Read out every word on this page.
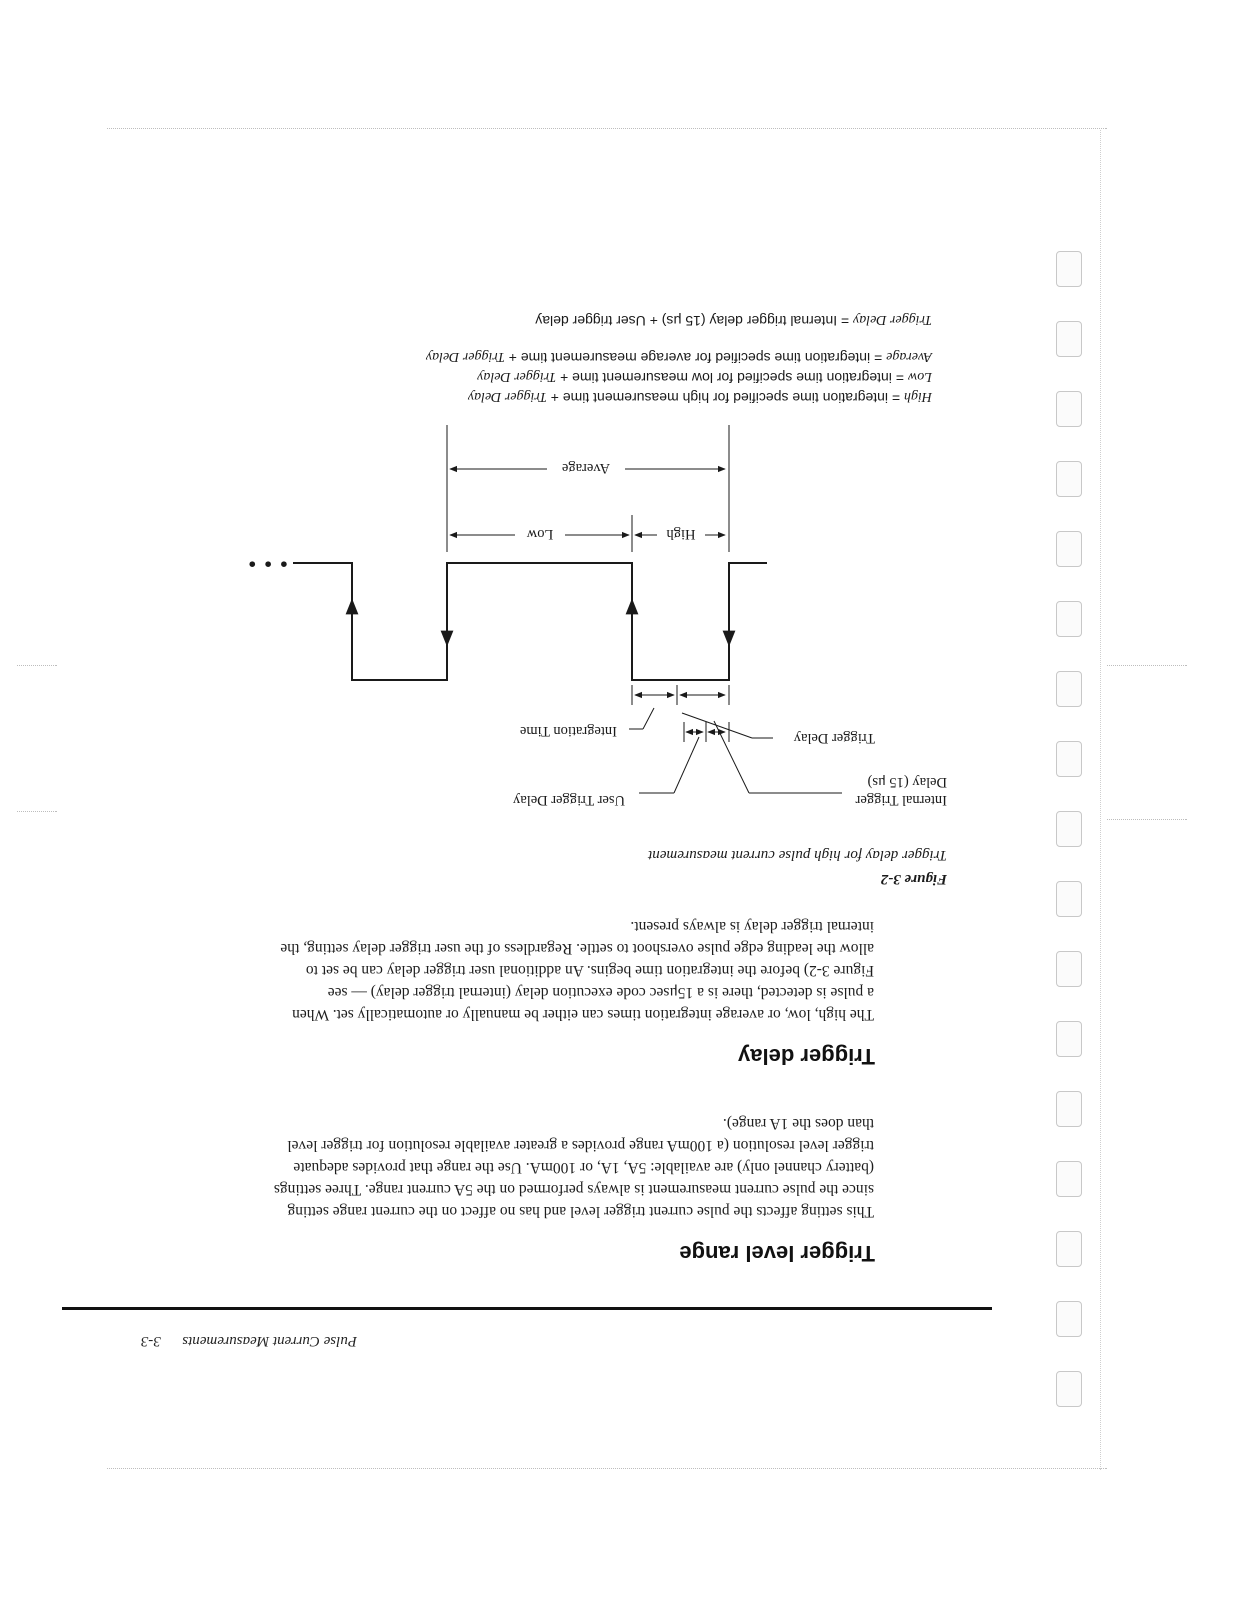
Pulse Current Measurements  3-3
Trigger level range

This setting affects the pulse current trigger level and has no affect on the current range setting
since the pulse current measurement is always performed on the 5A current range. Three settings
(battery channel only) are available: 5A, 1A, or 100mA. Use the range that provides adequate
trigger level resolution (a 100mA range provides a greater available resolution for trigger level
than does the 1A range).

Trigger delay

The high, low, or average integration times can either be manually or automatically set. When
a pulse is detected, there is a 15μsec code execution delay (internal trigger delay) — see
Figure 3-2) before the integration time begins. An additional user trigger delay can be set to
allow the leading edge pulse overshoot to settle. Regardless of the user trigger delay setting, the
internal trigger delay is always present.

Figure 3-2
Trigger delay for high pulse current measurement
Internal Trigger
Delay (15 μs)
User Trigger Delay
Trigger Delay
Integration Time
• • •
High
Low
Average
High = integration time specified for high measurement time + Trigger Delay
Low = integration time specified for low measurement time + Trigger Delay
Average = integration time specified for average measurement time + Trigger Delay
Trigger Delay = Internal trigger delay (15 μs) + User trigger delay
